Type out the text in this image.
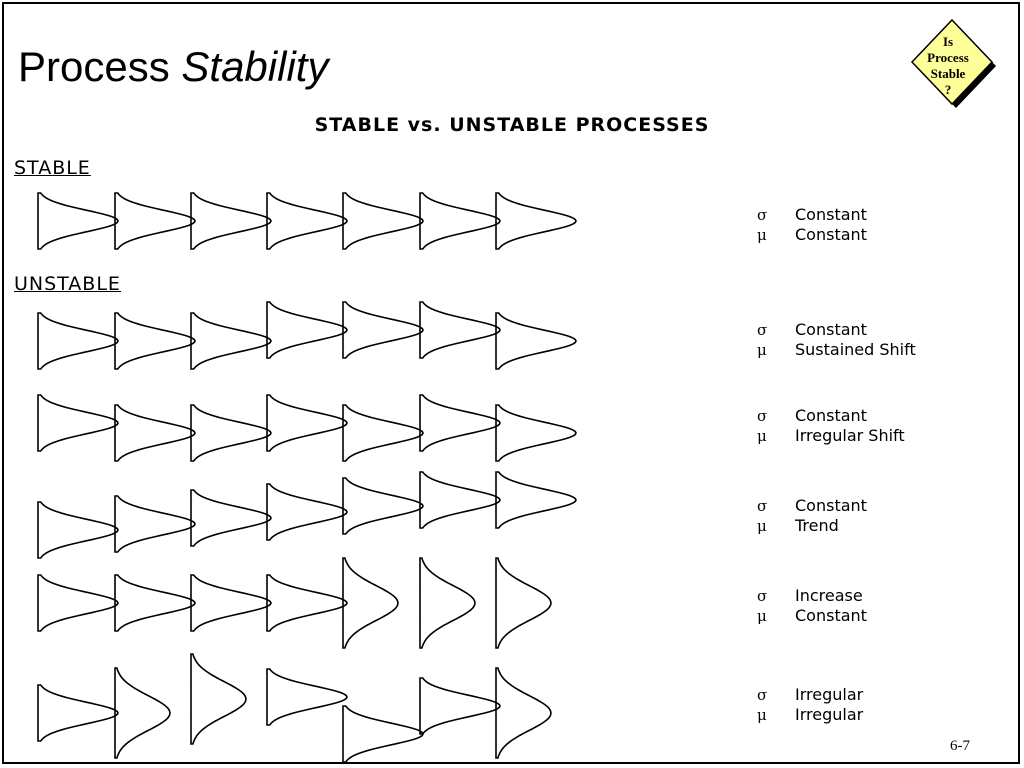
Process Stability
Is
Process
Stable
?
STABLE vs. UNSTABLE PROCESSES
STABLE
UNSTABLE
σ Constant
μ Constant
σ Constant
μ Sustained Shift
σ Constant
μ Irregular Shift
σ Constant
μ Trend
σ Increase
μ Constant
σ Irregular
μ Irregular
6-7
